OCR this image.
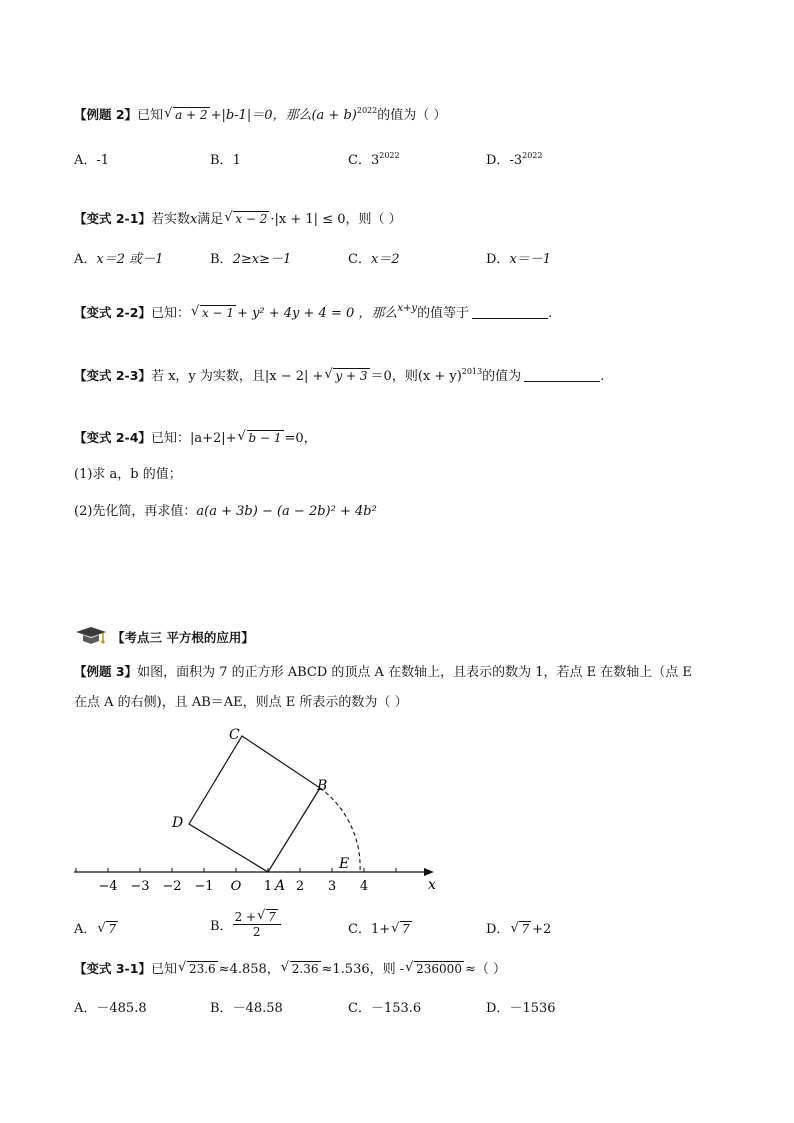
【例题 2】已知 √ a + 2 +|b-1|＝0，那么$(a + b)^{2022}$的值为（ ）
A．-1	B．1	C．$3^{2022}$	D．$-3^{2022}$
【变式 2-1】若实数x满足 √ x − 2 ·|x + 1| ≤ 0，则（ ）
A．x＝2 或－1	B．2≥x≥－1	C．x＝2	D．x＝－1
【变式 2-2】已知： √ x − 1 + y² + 4y + 4 = 0 ，那么$^{x+y}$的值等于	.
【变式 2-3】若 x，y 为实数，且|x − 2| + √ y + 3 ＝0，则$(x + y)^{2013}$的值为	.
【变式 2-4】已知：|a+2|+ √ b − 1 =0，
(1)求 a，b 的值；
(2)先化简，再求值：a(a + 3b) − (a − 2b)² + 4b²
【考点三 平方根的应用】
【例题 3】如图，面积为 7 的正方形 ABCD 的顶点 A 在数轴上，且表示的数为 1，若点 E 在数轴上（点 E
在点 A 的右侧)，且 AB＝AE，则点 E 所表示的数为（ ）
−4 −3 −2 −1 O 1 2 3 4
C
B
D
E
A	x
A． √ 7	B． $\frac{2 + √ 7}{2}$	C．1+ √ 7	D． √ 7 +2
【变式 3-1】已知 √ 23.6 ≈4.858， √ 2.36 ≈1.536，则 - √ 236000 ≈（ ）
A．－485.8	B．－48.58	C．－153.6	D．－1536
